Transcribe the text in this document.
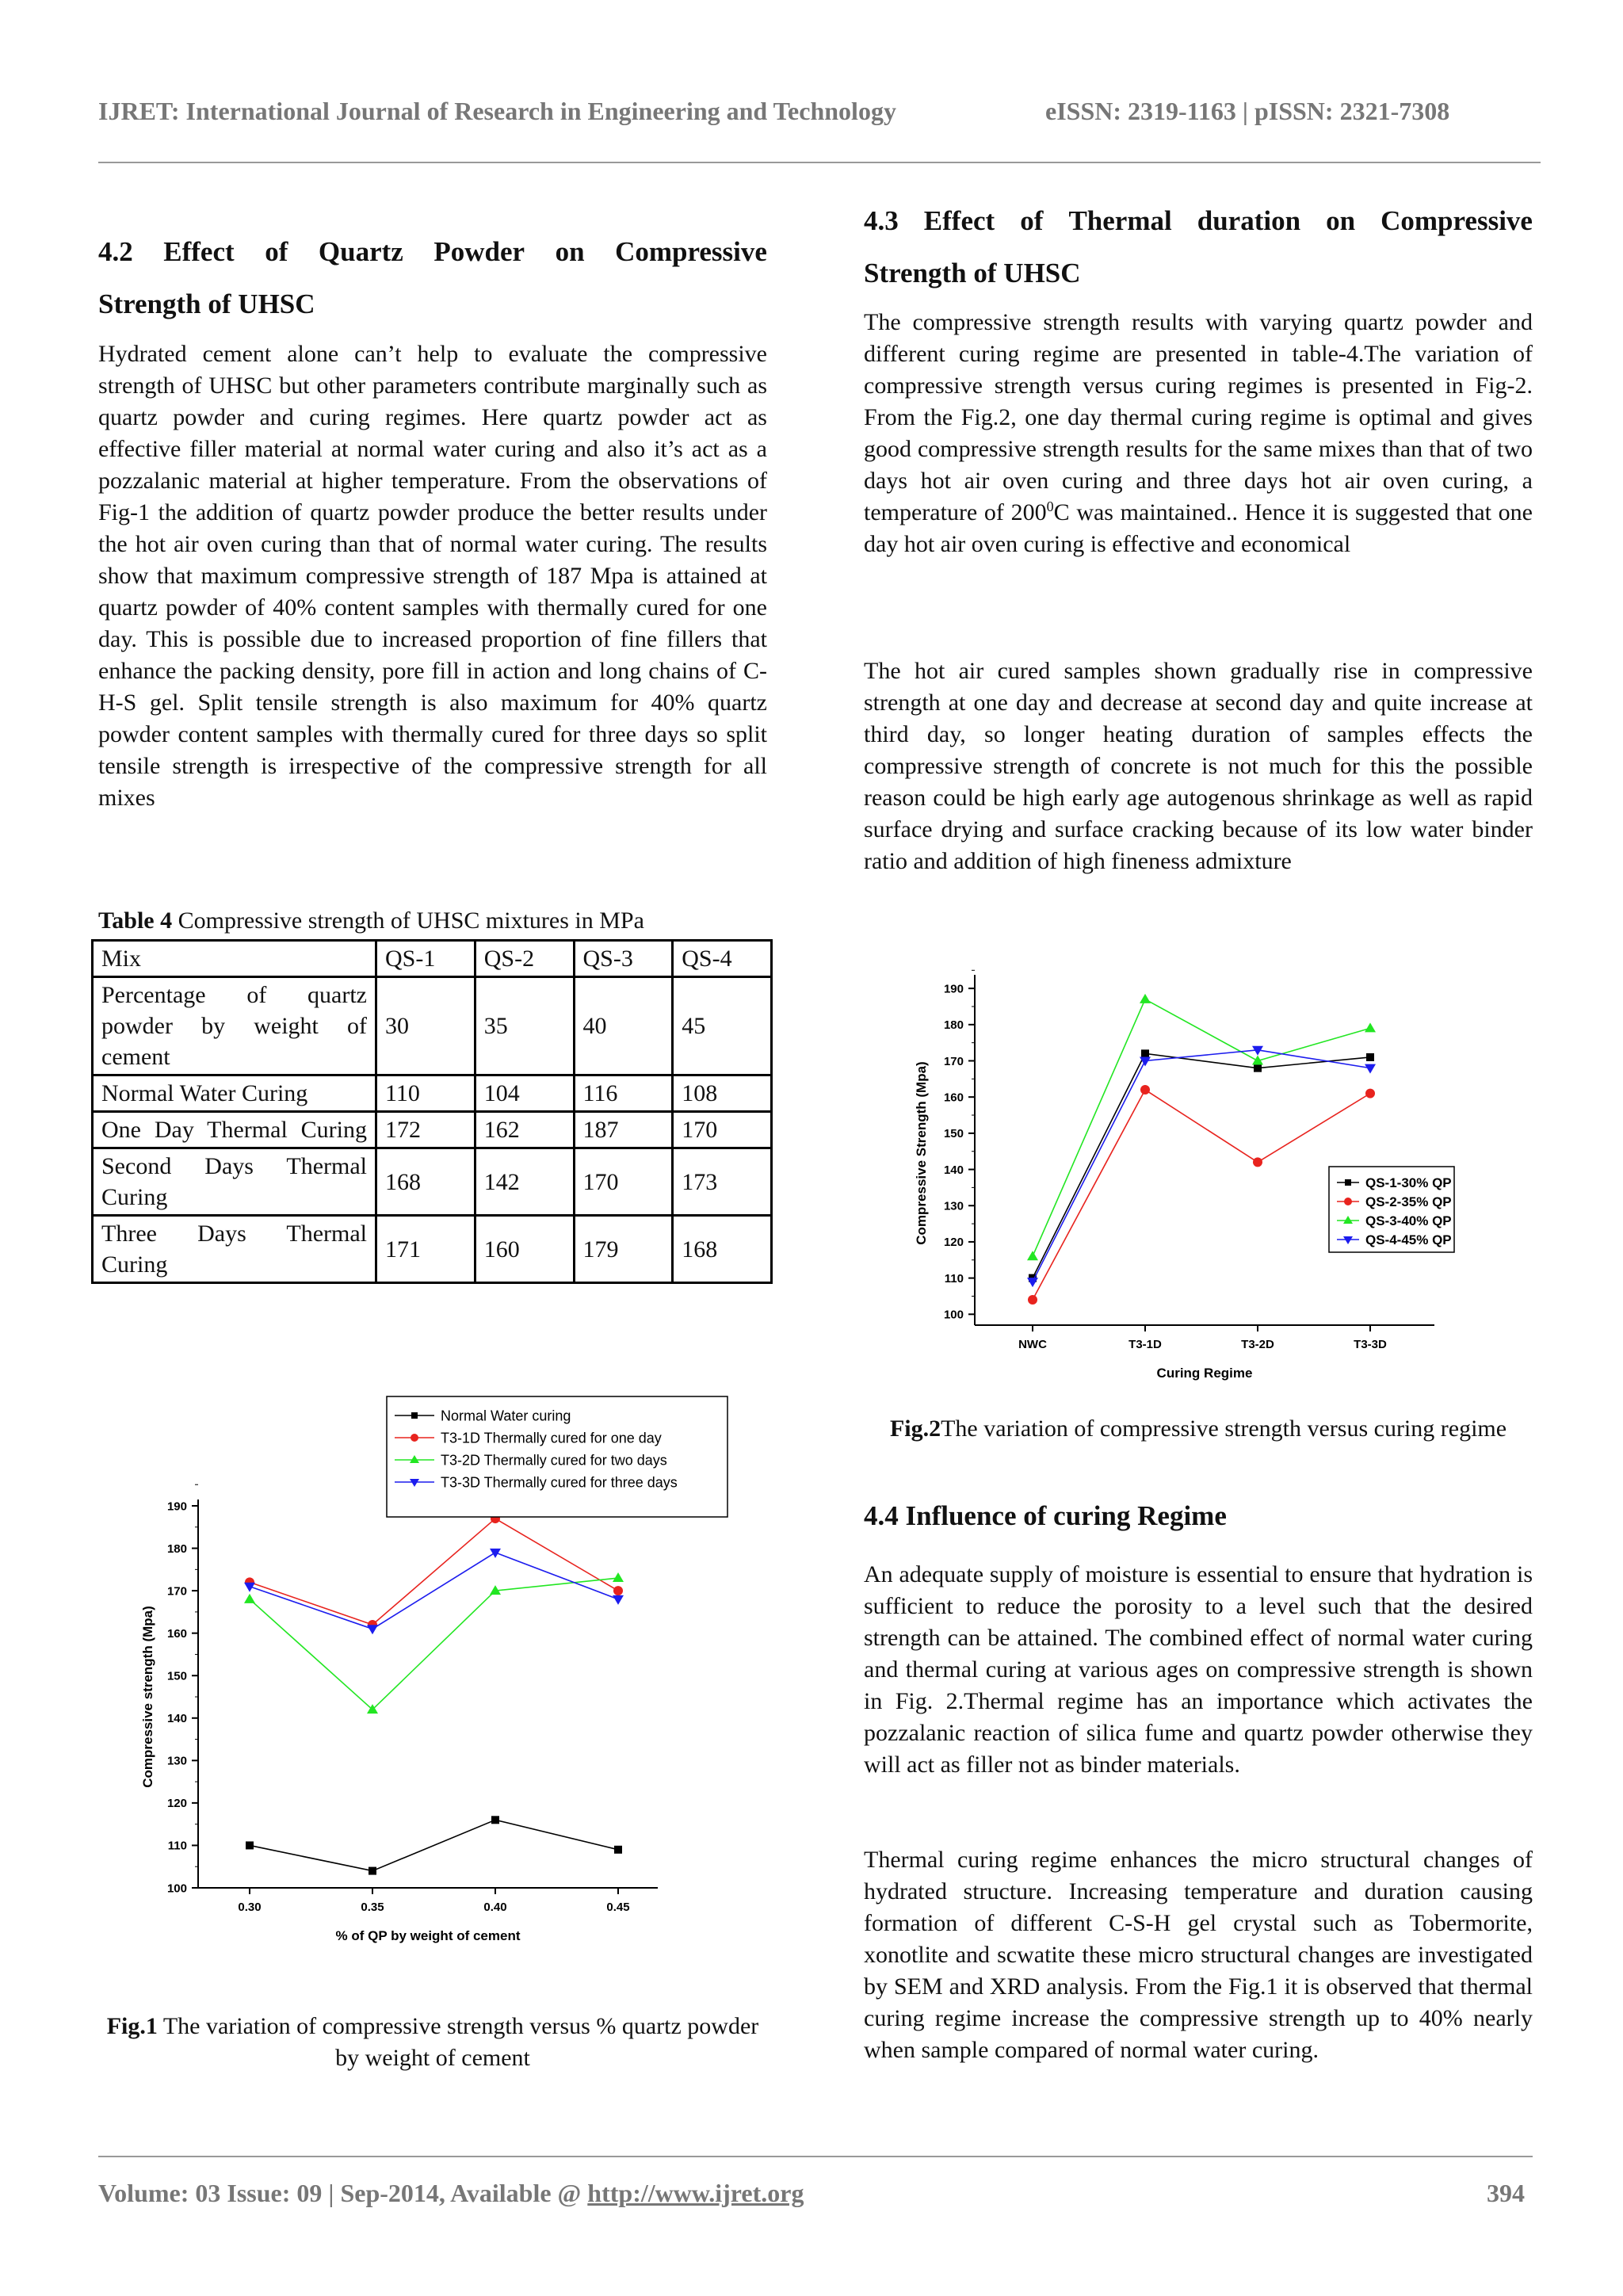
IJRET: International Journal of Research in Engineering and Technology	eISSN: 2319-1163 | pISSN: 2321-7308
4.2 Effect of Quartz Powder on Compressive
Strength of UHSC
Hydrated cement alone can’t help to evaluate the compressive strength of UHSC but other parameters contribute marginally such as quartz powder and curing regimes. Here quartz powder act as effective filler material at normal water curing and also it’s act as a pozzalanic material at higher temperature. From the observations of Fig-1 the addition of quartz powder produce the better results under the hot air oven curing than that of normal water curing. The results show that maximum compressive strength of 187 Mpa is attained at quartz powder of 40% content samples with thermally cured for one day. This is possible due to increased proportion of fine fillers that enhance the packing density, pore fill in action and long chains of C-H-S gel. Split tensile strength is also maximum for 40% quartz powder content samples with thermally cured for three days so split tensile strength is irrespective of the compressive strength for all mixes
Table 4 Compressive strength of UHSC mixtures in MPa
Mix	QS-1	QS-2	QS-3	QS-4
Percentage of quartz powder by weight of cement	30	35	40	45
Normal Water Curing	110	104	116	108
One Day Thermal Curing	172	162	187	170
Second Days Thermal Curing	168	142	170	173
Three Days Thermal Curing	171	160	179	168
100
110
120
130
140
150
160
170
180
190
0.30	0.35	0.40	0.45
% of QP by weight of cement
Compressive strength (Mpa)
Normal Water curing
T3-1D Thermally cured for one day
T3-2D Thermally cured for two days
T3-3D Thermally cured for three days
Fig.1 The variation of compressive strength versus % quartz powder by weight of cement
4.3 Effect of Thermal duration on Compressive
Strength of UHSC
The compressive strength results with varying quartz powder and different curing regime are presented in table-4.The variation of compressive strength versus curing regimes is presented in Fig-2. From the Fig.2, one day thermal curing regime is optimal and gives good compressive strength results for the same mixes than that of two days hot air oven curing and three days hot air oven curing, a temperature of $200^0C$ was maintained.. Hence it is suggested that one day hot air oven curing is effective and economical
The hot air cured samples shown gradually rise in compressive strength at one day and decrease at second day and quite increase at third day, so longer heating duration of samples effects the compressive strength of concrete is not much for this the possible reason could be high early age autogenous shrinkage as well as rapid surface drying and surface cracking because of its low water binder ratio and addition of high fineness admixture
100
110
120
130
140
150
160
170
180
190
NWC	T3-1D	T3-2D	T3-3D
Curing Regime
Compressive Strength (Mpa)	QS-1-30% QP
QS-2-35% QP
QS-3-40% QP
QS-4-45% QP
Fig.2The variation of compressive strength versus curing regime
4.4 Influence of curing Regime
An adequate supply of moisture is essential to ensure that hydration is sufficient to reduce the porosity to a level such that the desired strength can be attained. The combined effect of normal water curing and thermal curing at various ages on compressive strength is shown in Fig. 2.Thermal regime has an importance which activates the pozzalanic reaction of silica fume and quartz powder otherwise they will act as filler not as binder materials.
Thermal curing regime enhances the micro structural changes of hydrated structure. Increasing temperature and duration causing formation of different C-S-H gel crystal such as Tobermorite, xonotlite and scwatite these micro structural changes are investigated by SEM and XRD analysis. From the Fig.1 it is observed that thermal curing regime increase the compressive strength up to 40% nearly when sample compared of normal water curing.
Volume: 03 Issue: 09 | Sep-2014, Available @ http://www.ijret.org	394
